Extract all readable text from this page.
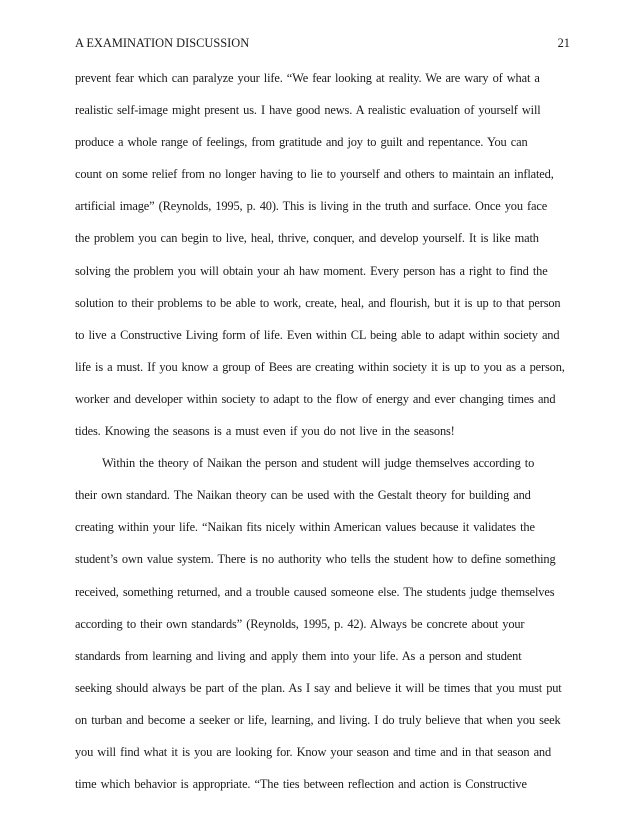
A EXAMINATION DISCUSSION	21
prevent fear which can paralyze your life. “We fear looking at reality. We are wary of what a
realistic self-image might present us. I have good news. A realistic evaluation of yourself will
produce a whole range of feelings, from gratitude and joy to guilt and repentance. You can
count on some relief from no longer having to lie to yourself and others to maintain an inflated,
artificial image” (Reynolds, 1995, p. 40). This is living in the truth and surface. Once you face
the problem you can begin to live, heal, thrive, conquer, and develop yourself. It is like math
solving the problem you will obtain your ah haw moment. Every person has a right to find the
solution to their problems to be able to work, create, heal, and flourish, but it is up to that person
to live a Constructive Living form of life. Even within CL being able to adapt within society and
life is a must. If you know a group of Bees are creating within society it is up to you as a person,
worker and developer within society to adapt to the flow of energy and ever changing times and
tides. Knowing the seasons is a must even if you do not live in the seasons!
Within the theory of Naikan the person and student will judge themselves according to
their own standard. The Naikan theory can be used with the Gestalt theory for building and
creating within your life. “Naikan fits nicely within American values because it validates the
student’s own value system. There is no authority who tells the student how to define something
received, something returned, and a trouble caused someone else. The students judge themselves
according to their own standards” (Reynolds, 1995, p. 42). Always be concrete about your
standards from learning and living and apply them into your life. As a person and student
seeking should always be part of the plan. As I say and believe it will be times that you must put
on turban and become a seeker or life, learning, and living. I do truly believe that when you seek
you will find what it is you are looking for. Know your season and time and in that season and
time which behavior is appropriate. “The ties between reflection and action is Constructive
